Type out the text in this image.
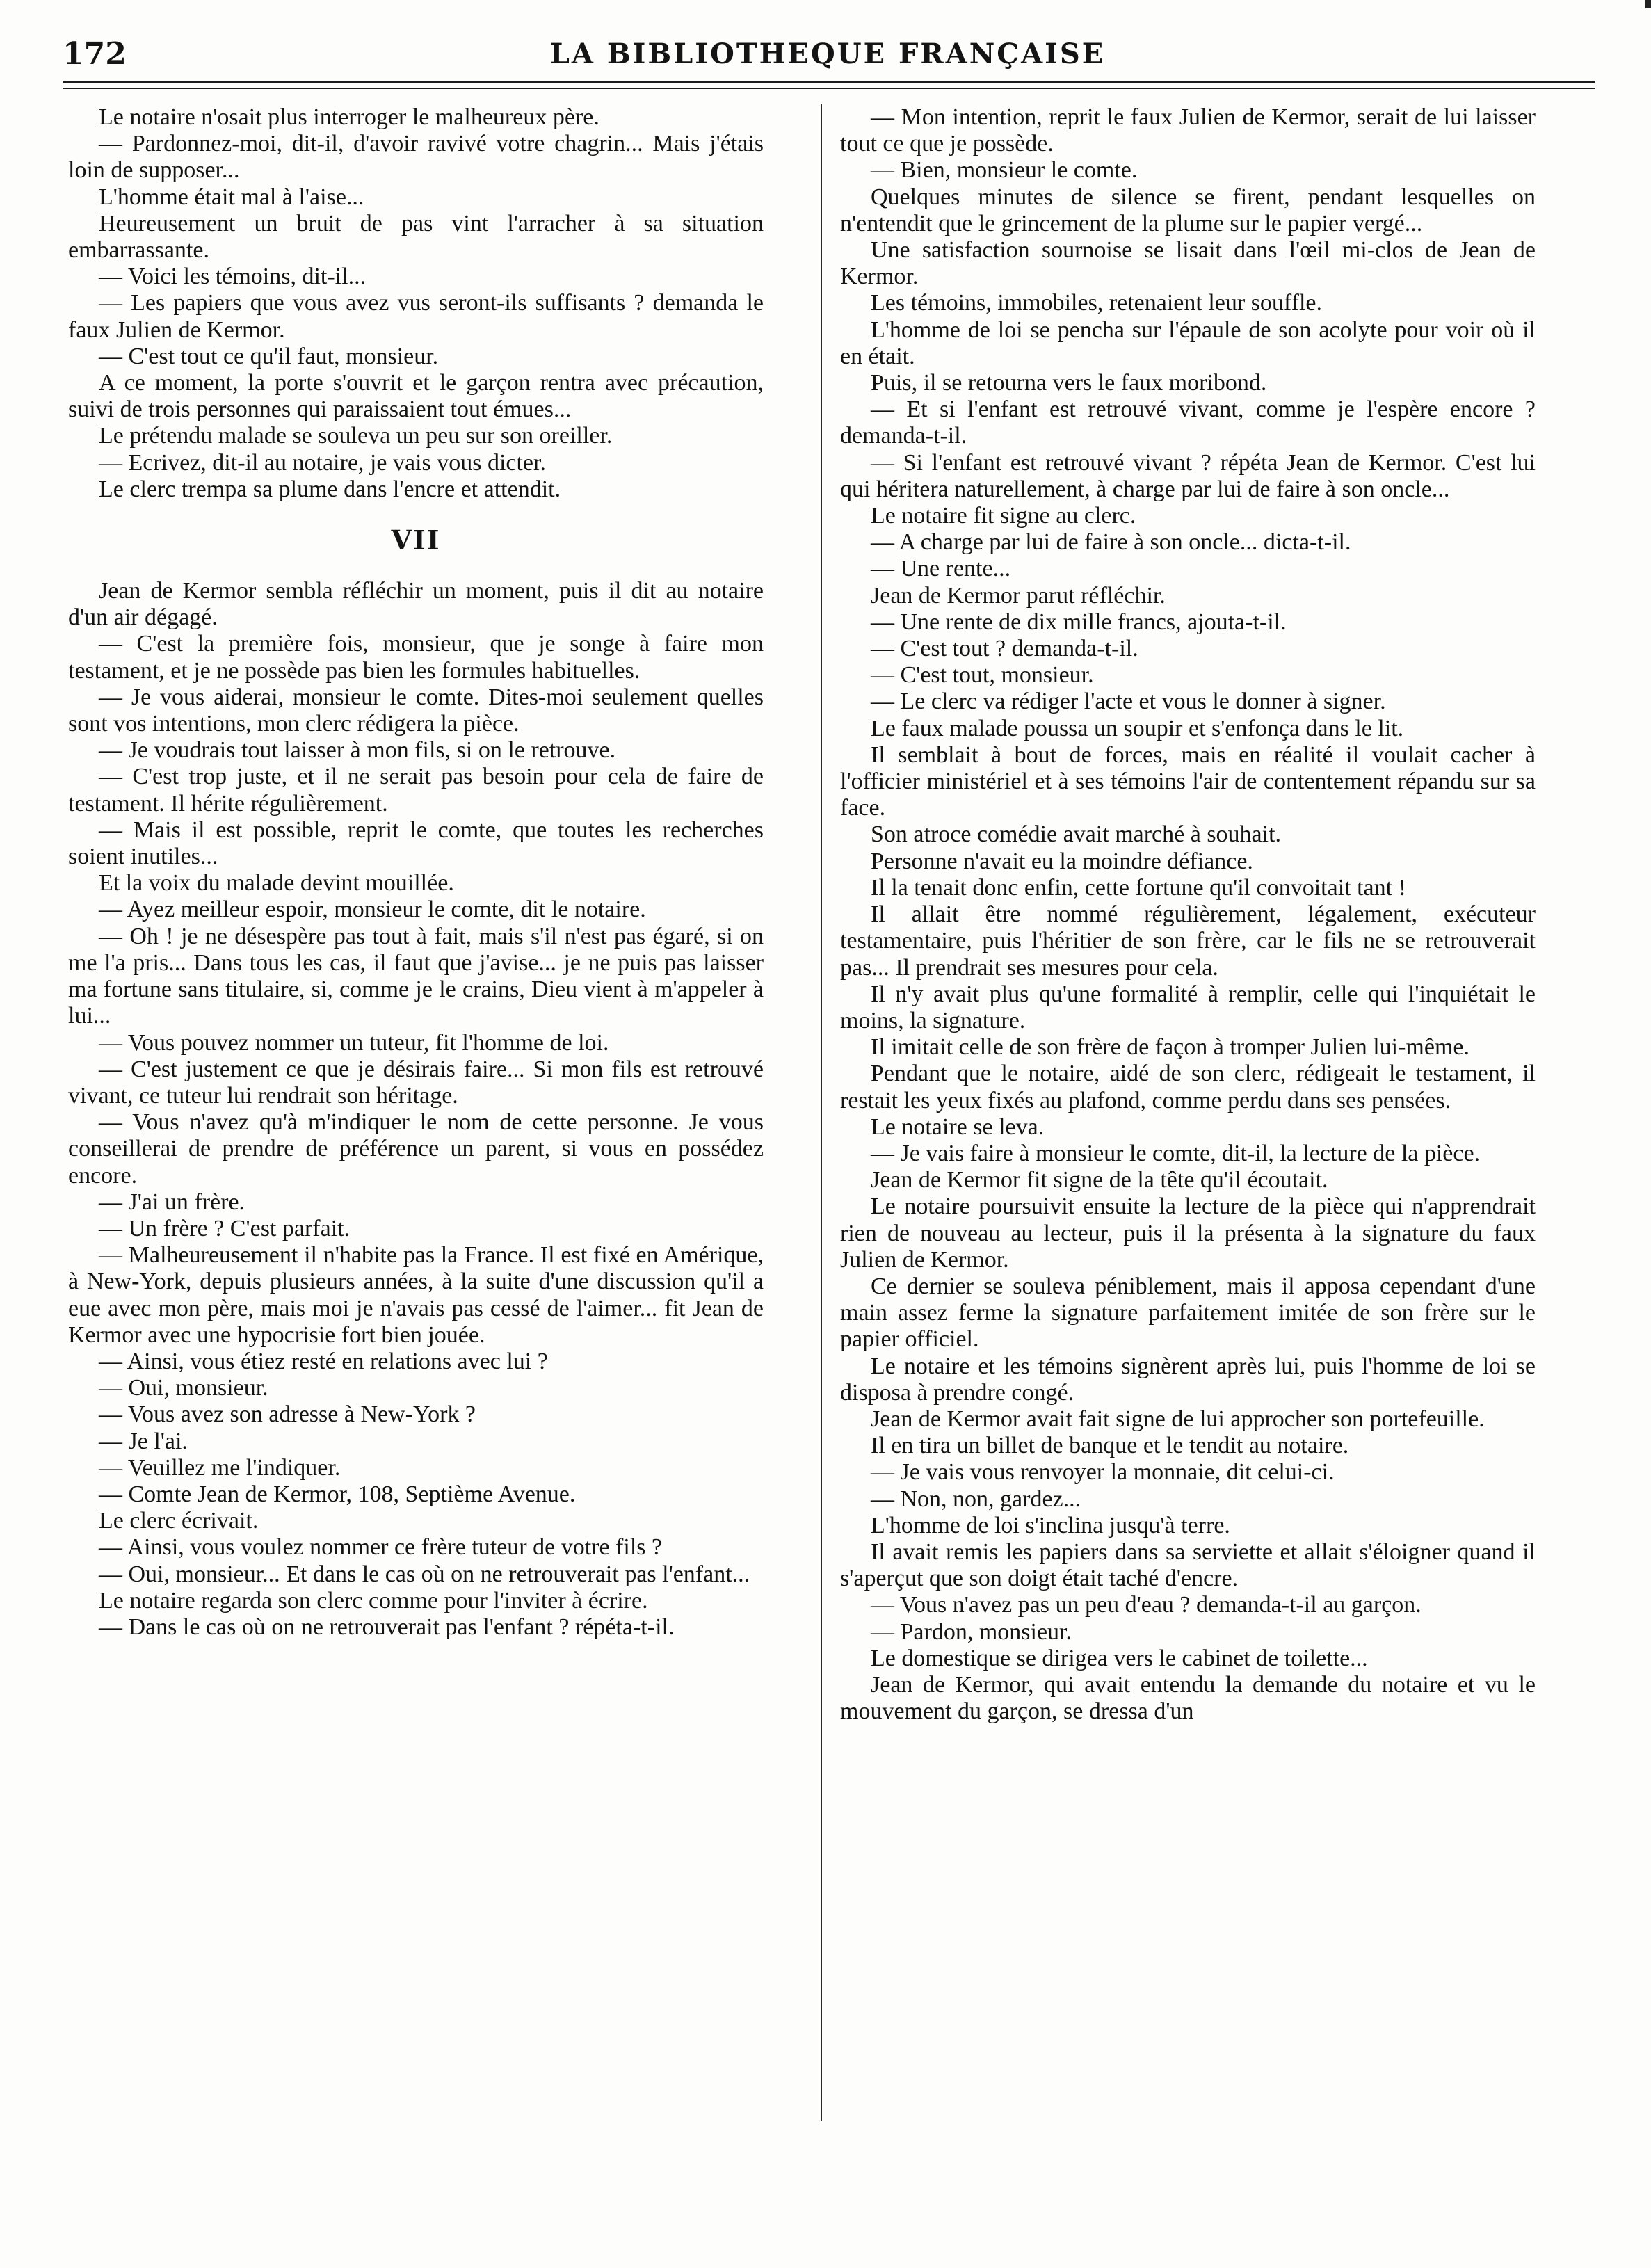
172	LA BIBLIOTHEQUE FRANÇAISE

Le notaire n'osait plus interroger le malheureux père.

— Pardonnez-moi, dit-il, d'avoir ravivé votre chagrin... Mais j'étais loin de supposer...

L'homme était mal à l'aise...

Heureusement un bruit de pas vint l'arracher à sa situation embarrassante.

— Voici les témoins, dit-il...

— Les papiers que vous avez vus seront-ils suffisants ? demanda le faux Julien de Kermor.

— C'est tout ce qu'il faut, monsieur.

A ce moment, la porte s'ouvrit et le garçon rentra avec précaution, suivi de trois personnes qui paraissaient tout émues...

Le prétendu malade se souleva un peu sur son oreiller.

— Ecrivez, dit-il au notaire, je vais vous dicter.

Le clerc trempa sa plume dans l'encre et attendit.

VII

Jean de Kermor sembla réfléchir un moment, puis il dit au notaire d'un air dégagé.

— C'est la première fois, monsieur, que je songe à faire mon testament, et je ne possède pas bien les formules habituelles.

— Je vous aiderai, monsieur le comte. Dites-moi seulement quelles sont vos intentions, mon clerc rédigera la pièce.

— Je voudrais tout laisser à mon fils, si on le retrouve.

— C'est trop juste, et il ne serait pas besoin pour cela de faire de testament. Il hérite régulièrement.

— Mais il est possible, reprit le comte, que toutes les recherches soient inutiles...

Et la voix du malade devint mouillée.

— Ayez meilleur espoir, monsieur le comte, dit le notaire.

— Oh ! je ne désespère pas tout à fait, mais s'il n'est pas égaré, si on me l'a pris... Dans tous les cas, il faut que j'avise... je ne puis pas laisser ma fortune sans titulaire, si, comme je le crains, Dieu vient à m'appeler à lui...

— Vous pouvez nommer un tuteur, fit l'homme de loi.

— C'est justement ce que je désirais faire... Si mon fils est retrouvé vivant, ce tuteur lui rendrait son héritage.

— Vous n'avez qu'à m'indiquer le nom de cette personne. Je vous conseillerai de prendre de préférence un parent, si vous en possédez encore.

— J'ai un frère.

— Un frère ? C'est parfait.

— Malheureusement il n'habite pas la France. Il est fixé en Amérique, à New-York, depuis plusieurs années, à la suite d'une discussion qu'il a eue avec mon père, mais moi je n'avais pas cessé de l'aimer... fit Jean de Kermor avec une hypocrisie fort bien jouée.

— Ainsi, vous étiez resté en relations avec lui ?

— Oui, monsieur.

— Vous avez son adresse à New-York ?

— Je l'ai.

— Veuillez me l'indiquer.

— Comte Jean de Kermor, 108, Septième Avenue.

Le clerc écrivait.

— Ainsi, vous voulez nommer ce frère tuteur de votre fils ?

— Oui, monsieur... Et dans le cas où on ne retrouverait pas l'enfant...

Le notaire regarda son clerc comme pour l'inviter à écrire.

— Dans le cas où on ne retrouverait pas l'enfant ? répéta-t-il.

— Mon intention, reprit le faux Julien de Kermor, serait de lui laisser tout ce que je possède.

— Bien, monsieur le comte.

Quelques minutes de silence se firent, pendant lesquelles on n'entendit que le grincement de la plume sur le papier vergé...

Une satisfaction sournoise se lisait dans l'œil mi-clos de Jean de Kermor.

Les témoins, immobiles, retenaient leur souffle.

L'homme de loi se pencha sur l'épaule de son acolyte pour voir où il en était.

Puis, il se retourna vers le faux moribond.

— Et si l'enfant est retrouvé vivant, comme je l'espère encore ? demanda-t-il.

— Si l'enfant est retrouvé vivant ? répéta Jean de Kermor. C'est lui qui héritera naturellement, à charge par lui de faire à son oncle...

Le notaire fit signe au clerc.

— A charge par lui de faire à son oncle... dicta-t-il.

— Une rente...

Jean de Kermor parut réfléchir.

— Une rente de dix mille francs, ajouta-t-il.

— C'est tout ? demanda-t-il.

— C'est tout, monsieur.

— Le clerc va rédiger l'acte et vous le donner à signer.

Le faux malade poussa un soupir et s'enfonça dans le lit.

Il semblait à bout de forces, mais en réalité il voulait cacher à l'officier ministériel et à ses témoins l'air de contentement répandu sur sa face.

Son atroce comédie avait marché à souhait.

Personne n'avait eu la moindre défiance.

Il la tenait donc enfin, cette fortune qu'il convoitait tant !

Il allait être nommé régulièrement, légalement, exécuteur testamentaire, puis l'héritier de son frère, car le fils ne se retrouverait pas... Il prendrait ses mesures pour cela.

Il n'y avait plus qu'une formalité à remplir, celle qui l'inquiétait le moins, la signature.

Il imitait celle de son frère de façon à tromper Julien lui-même.

Pendant que le notaire, aidé de son clerc, rédigeait le testament, il restait les yeux fixés au plafond, comme perdu dans ses pensées.

Le notaire se leva.

— Je vais faire à monsieur le comte, dit-il, la lecture de la pièce.

Jean de Kermor fit signe de la tête qu'il écoutait.

Le notaire poursuivit ensuite la lecture de la pièce qui n'apprendrait rien de nouveau au lecteur, puis il la présenta à la signature du faux Julien de Kermor.

Ce dernier se souleva péniblement, mais il apposa cependant d'une main assez ferme la signature parfaitement imitée de son frère sur le papier officiel.

Le notaire et les témoins signèrent après lui, puis l'homme de loi se disposa à prendre congé.

Jean de Kermor avait fait signe de lui approcher son portefeuille.

Il en tira un billet de banque et le tendit au notaire.

— Je vais vous renvoyer la monnaie, dit celui-ci.

— Non, non, gardez...

L'homme de loi s'inclina jusqu'à terre.

Il avait remis les papiers dans sa serviette et allait s'éloigner quand il s'aperçut que son doigt était taché d'encre.

— Vous n'avez pas un peu d'eau ? demanda-t-il au garçon.

— Pardon, monsieur.

Le domestique se dirigea vers le cabinet de toilette...

Jean de Kermor, qui avait entendu la demande du notaire et vu le mouvement du garçon, se dressa d'un
